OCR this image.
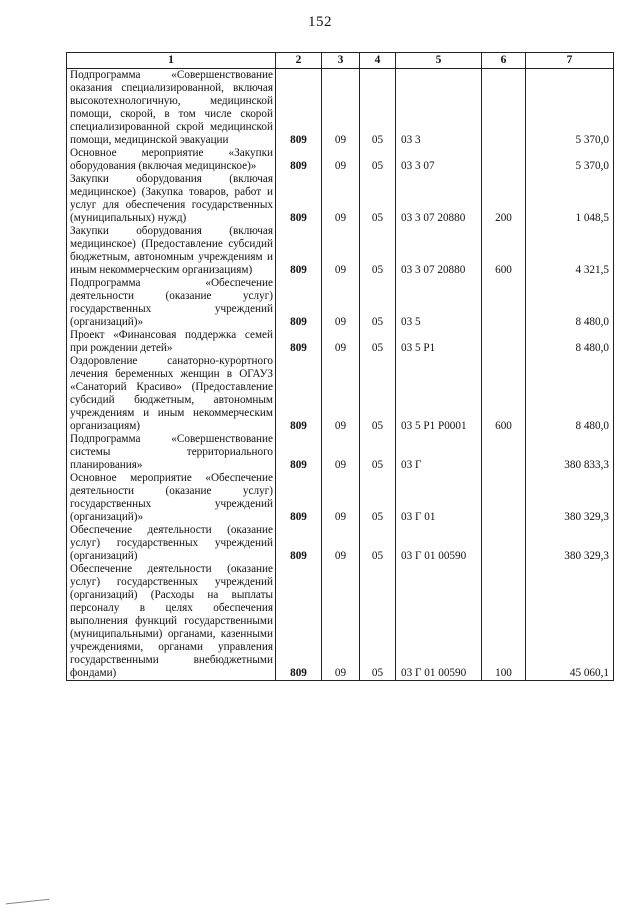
152
1	2	3	4	5	6	7
Подпрограмма «Совершенствование оказания специализированной, включая высокотехнологичную, медицинской помощи, скорой, в том числе скорой специализированной скрой медицинской помощи, медицинской эвакуации	809	09	05	03 3		5 370,0
Основное мероприятие «Закупки оборудования (включая медицинское)»	809	09	05	03 3 07		5 370,0
Закупки оборудования (включая медицинское) (Закупка товаров, работ и услуг для обеспечения государственных (муниципальных) нужд)	809	09	05	03 3 07 20880	200	1 048,5
Закупки оборудования (включая медицинское) (Предоставление субсидий бюджетным, автономным учреждениям и иным некоммерческим организациям)	809	09	05	03 3 07 20880	600	4 321,5
Подпрограмма «Обеспечение деятельности (оказание услуг) государственных учреждений (организаций)»	809	09	05	03 5		8 480,0
Проект «Финансовая поддержка семей при рождении детей»	809	09	05	03 5 Р1		8 480,0
Оздоровление санаторно-курортного лечения беременных женщин в ОГАУЗ «Санаторий Красиво» (Предоставление субсидий бюджетным, автономным учреждениям и иным некоммерческим организациям)	809	09	05	03 5 Р1 Р0001	600	8 480,0
Подпрограмма «Совершенствование системы территориального планирования»	809	09	05	03 Г		380 833,3
Основное мероприятие «Обеспечение деятельности (оказание услуг) государственных учреждений (организаций)»	809	09	05	03 Г 01		380 329,3
Обеспечение деятельности (оказание услуг) государственных учреждений (организаций)	809	09	05	03 Г 01 00590		380 329,3
Обеспечение деятельности (оказание услуг) государственных учреждений (организаций) (Расходы на выплаты персоналу в целях обеспечения выполнения функций государственными (муниципальными) органами, казенными учреждениями, органами управления государственными внебюджетными фондами)	809	09	05	03 Г 01 00590	100	45 060,1
